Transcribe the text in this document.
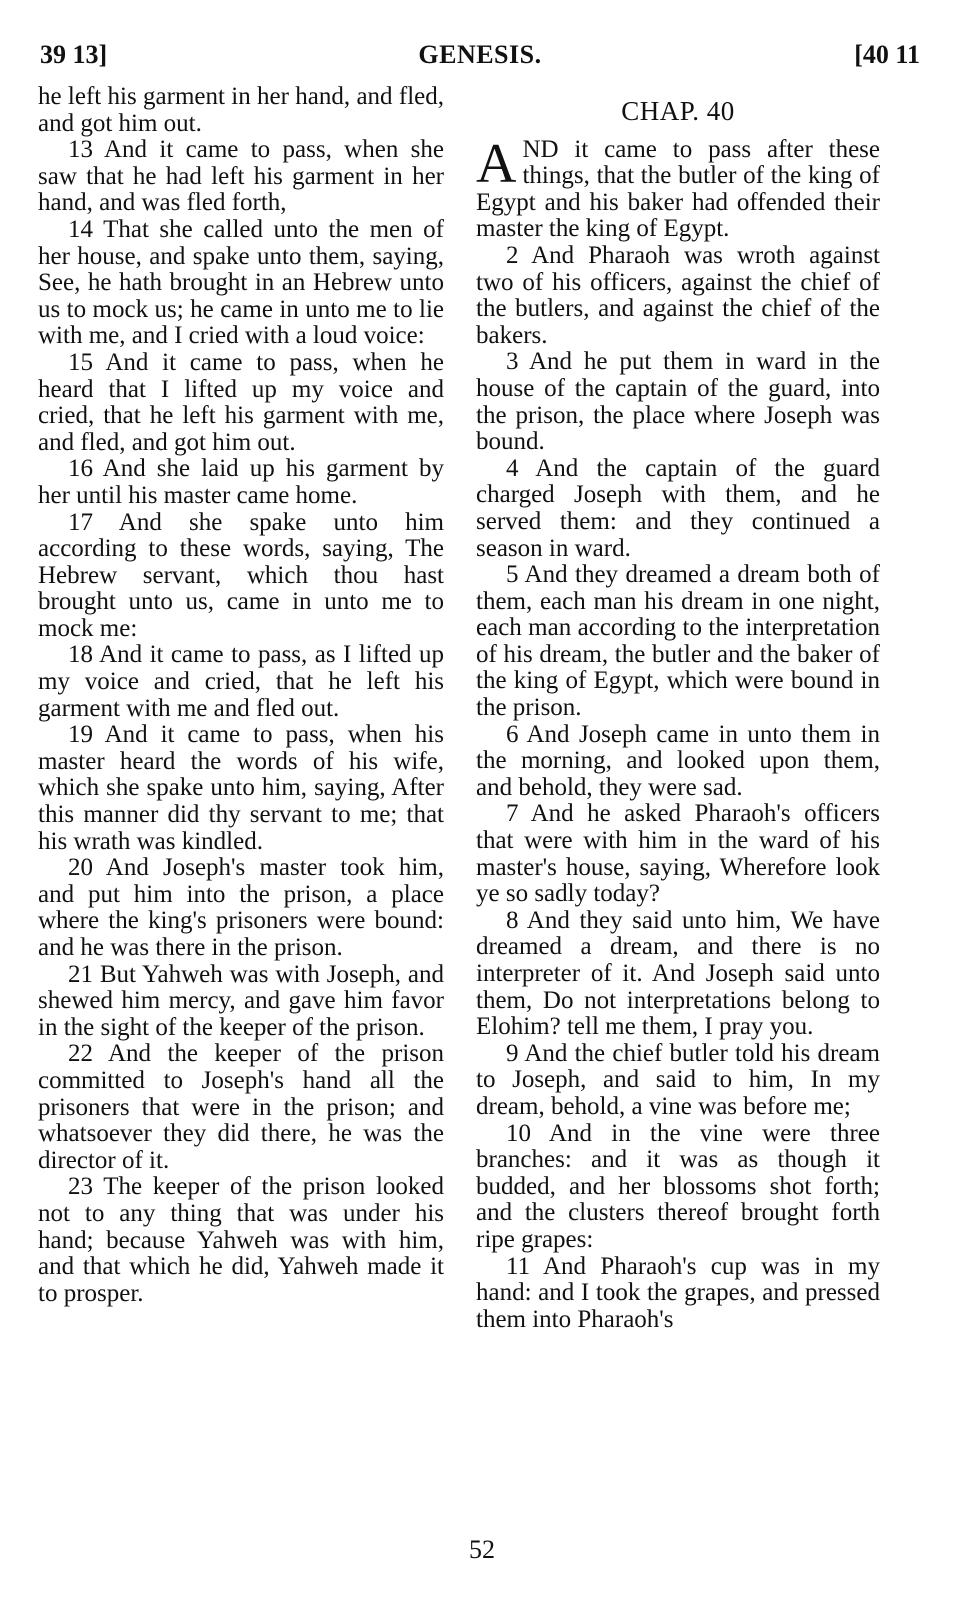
39 13]	GENESIS.	[40 11

he left his garment in her hand, and fled, and got him out.

13 And it came to pass, when she saw that he had left his garment in her hand, and was fled forth,

14 That she called unto the men of her house, and spake unto them, saying, See, he hath brought in an Hebrew unto us to mock us; he came in unto me to lie with me, and I cried with a loud voice:

15 And it came to pass, when he heard that I lifted up my voice and cried, that he left his garment with me, and fled, and got him out.

16 And she laid up his garment by her until his master came home.

17 And she spake unto him according to these words, saying, The Hebrew servant, which thou hast brought unto us, came in unto me to mock me:

18 And it came to pass, as I lifted up my voice and cried, that he left his garment with me and fled out.

19 And it came to pass, when his master heard the words of his wife, which she spake unto him, saying, After this manner did thy servant to me; that his wrath was kindled.

20 And Joseph's master took him, and put him into the prison, a place where the king's prisoners were bound: and he was there in the prison.

21 But Yahweh was with Joseph, and shewed him mercy, and gave him favor in the sight of the keeper of the prison.

22 And the keeper of the prison committed to Joseph's hand all the prisoners that were in the prison; and whatsoever they did there, he was the director of it.

23 The keeper of the prison looked not to any thing that was under his hand; because Yahweh was with him, and that which he did, Yahweh made it to prosper.

CHAP. 40

AND it came to pass after these things, that the butler of the king of Egypt and his baker had offended their master the king of Egypt.

2 And Pharaoh was wroth against two of his officers, against the chief of the butlers, and against the chief of the bakers.

3 And he put them in ward in the house of the captain of the guard, into the prison, the place where Joseph was bound.

4 And the captain of the guard charged Joseph with them, and he served them: and they continued a season in ward.

5 And they dreamed a dream both of them, each man his dream in one night, each man according to the interpretation of his dream, the butler and the baker of the king of Egypt, which were bound in the prison.

6 And Joseph came in unto them in the morning, and looked upon them, and behold, they were sad.

7 And he asked Pharaoh's officers that were with him in the ward of his master's house, saying, Wherefore look ye so sadly today?

8 And they said unto him, We have dreamed a dream, and there is no interpreter of it. And Joseph said unto them, Do not interpretations belong to Elohim? tell me them, I pray you.

9 And the chief butler told his dream to Joseph, and said to him, In my dream, behold, a vine was before me;

10 And in the vine were three branches: and it was as though it budded, and her blossoms shot forth; and the clusters thereof brought forth ripe grapes:

11 And Pharaoh's cup was in my hand: and I took the grapes, and pressed them into Pharaoh's

52
